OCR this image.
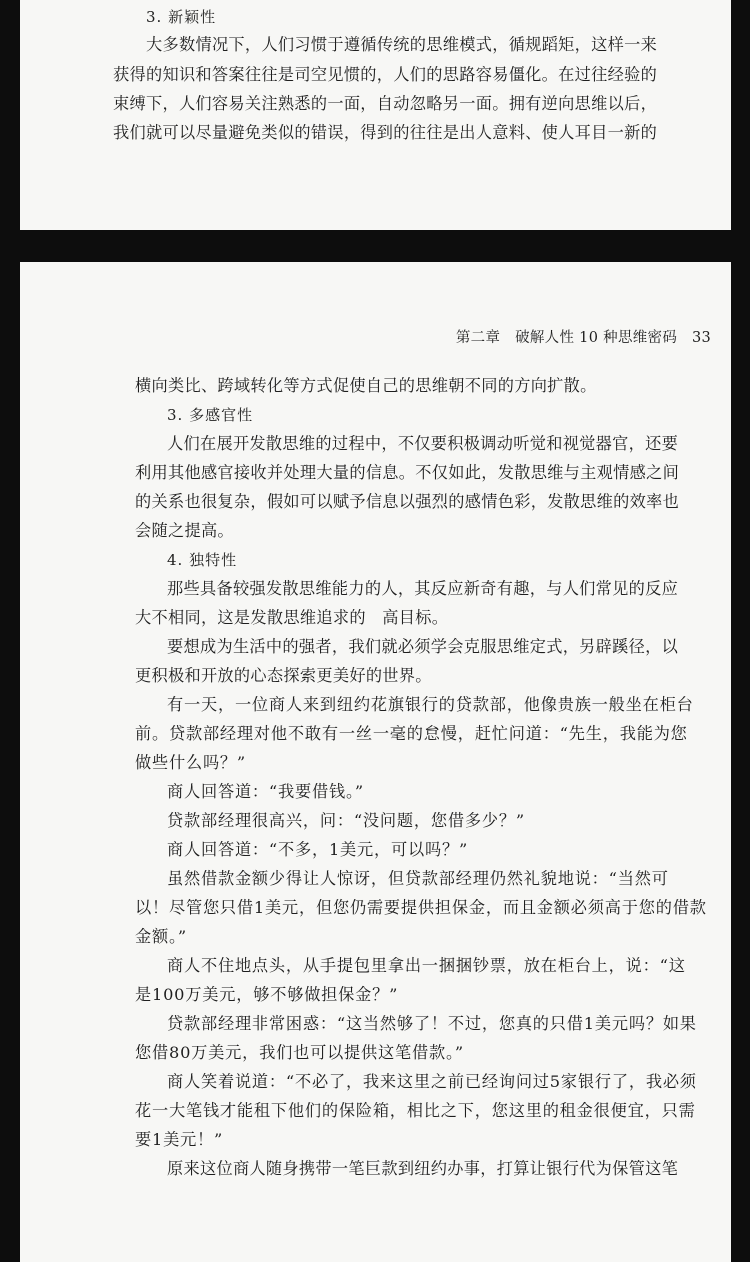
3. 新颖性
大多数情况下，人们习惯于遵循传统的思维模式，循规蹈矩，这样一来
获得的知识和答案往往是司空见惯的，人们的思路容易僵化。在过往经验的
束缚下，人们容易关注熟悉的一面，自动忽略另一面。拥有逆向思维以后，
我们就可以尽量避免类似的错误，得到的往往是出人意料、使人耳目一新的
第二章　破解人性 10 种思维密码　33
横向类比、跨域转化等方式促使自己的思维朝不同的方向扩散。
3. 多感官性
人们在展开发散思维的过程中，不仅要积极调动听觉和视觉器官，还要
利用其他感官接收并处理大量的信息。不仅如此，发散思维与主观情感之间
的关系也很复杂，假如可以赋予信息以强烈的感情色彩，发散思维的效率也
会随之提高。
4. 独特性
那些具备较强发散思维能力的人，其反应新奇有趣，与人们常见的反应
大不相同，这是发散思维追求的　高目标。
要想成为生活中的强者，我们就必须学会克服思维定式，另辟蹊径，以
更积极和开放的心态探索更美好的世界。
有一天，一位商人来到纽约花旗银行的贷款部，他像贵族一般坐在柜台
前。贷款部经理对他不敢有一丝一毫的怠慢，赶忙问道：“先生，我能为您
做些什么吗？”
商人回答道：“我要借钱。”
贷款部经理很高兴，问：“没问题，您借多少？”
商人回答道：“不多，1美元，可以吗？”
虽然借款金额少得让人惊讶，但贷款部经理仍然礼貌地说：“当然可
以！尽管您只借1美元，但您仍需要提供担保金，而且金额必须高于您的借款
金额。”
商人不住地点头，从手提包里拿出一捆捆钞票，放在柜台上，说：“这
是100万美元，够不够做担保金？”
贷款部经理非常困惑：“这当然够了！不过，您真的只借1美元吗？如果
您借80万美元，我们也可以提供这笔借款。”
商人笑着说道：“不必了，我来这里之前已经询问过5家银行了，我必须
花一大笔钱才能租下他们的保险箱，相比之下，您这里的租金很便宜，只需
要1美元！”
原来这位商人随身携带一笔巨款到纽约办事，打算让银行代为保管这笔
